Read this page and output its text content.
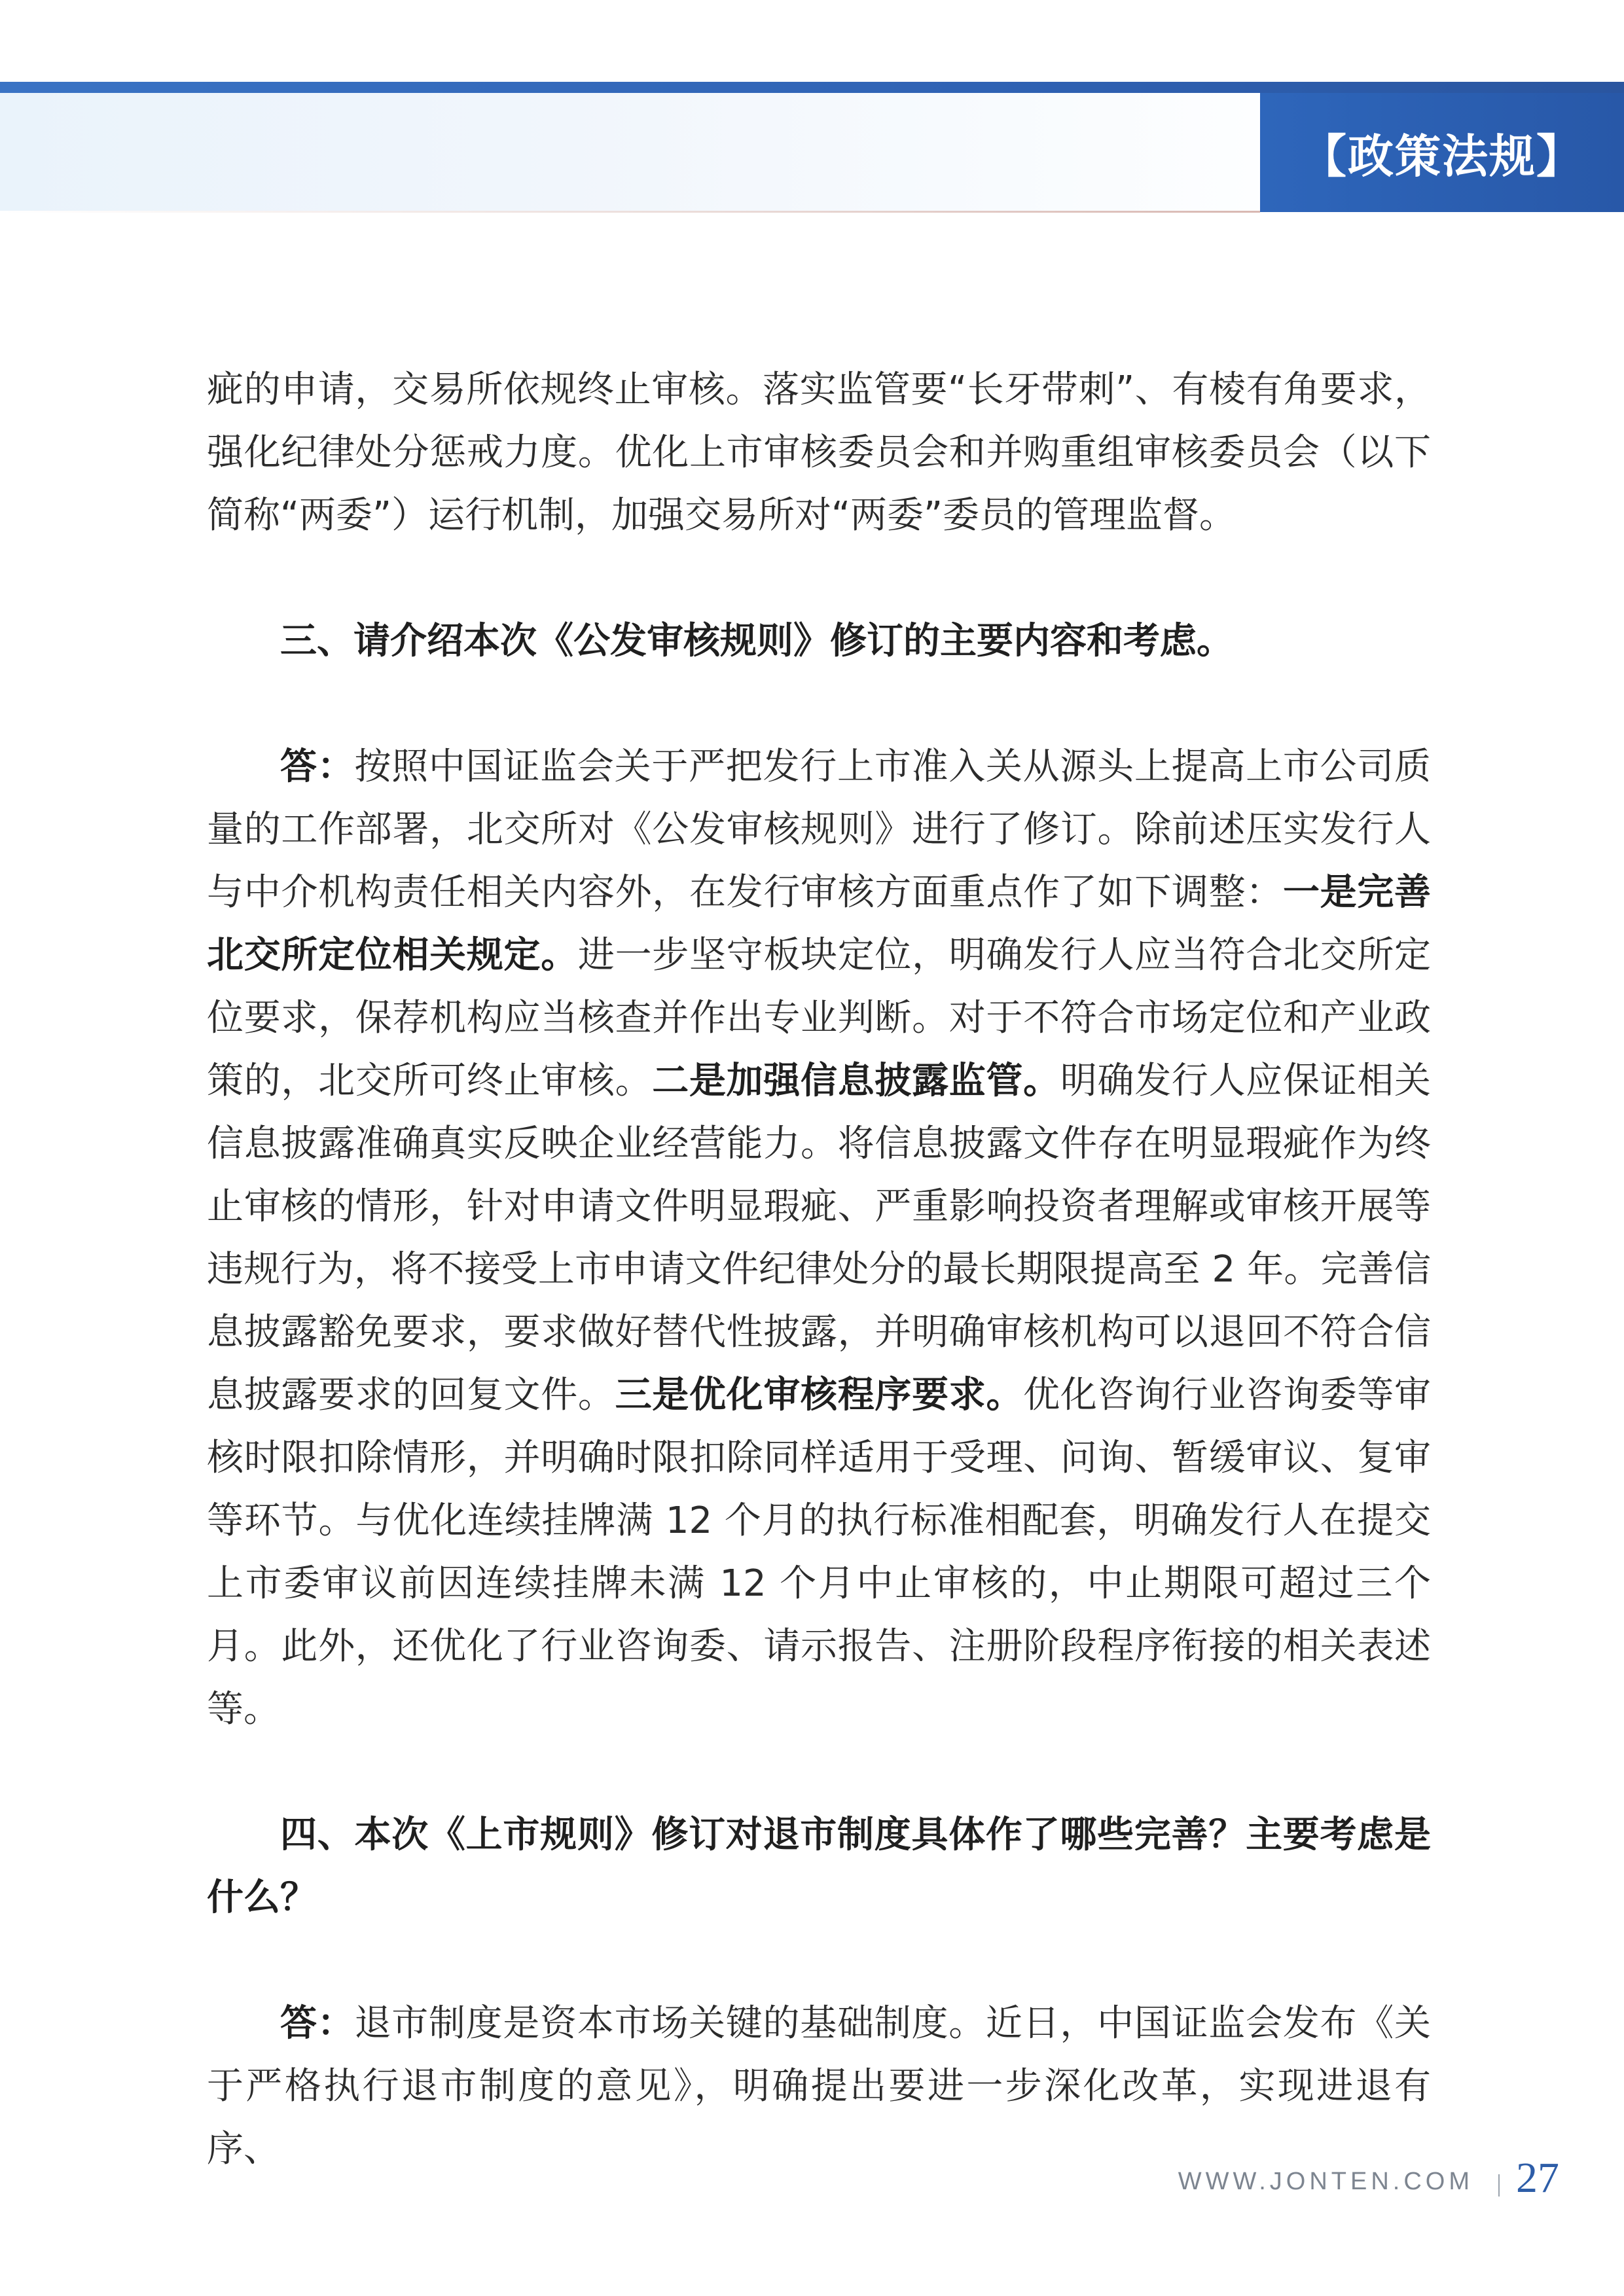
【政策法规】

疵的申请，交易所依规终止审核。落实监管要“长牙带刺”、有棱有角要求，强化纪律处分惩戒力度。优化上市审核委员会和并购重组审核委员会（以下简称“两委”）运行机制，加强交易所对“两委”委员的管理监督。

三、请介绍本次《公发审核规则》修订的主要内容和考虑。

答：按照中国证监会关于严把发行上市准入关从源头上提高上市公司质量的工作部署，北交所对《公发审核规则》进行了修订。除前述压实发行人与中介机构责任相关内容外，在发行审核方面重点作了如下调整：一是完善北交所定位相关规定。进一步坚守板块定位，明确发行人应当符合北交所定位要求，保荐机构应当核查并作出专业判断。对于不符合市场定位和产业政策的，北交所可终止审核。二是加强信息披露监管。明确发行人应保证相关信息披露准确真实反映企业经营能力。将信息披露文件存在明显瑕疵作为终止审核的情形，针对申请文件明显瑕疵、严重影响投资者理解或审核开展等违规行为，将不接受上市申请文件纪律处分的最长期限提高至 2 年。完善信息披露豁免要求，要求做好替代性披露，并明确审核机构可以退回不符合信息披露要求的回复文件。三是优化审核程序要求。优化咨询行业咨询委等审核时限扣除情形，并明确时限扣除同样适用于受理、问询、暂缓审议、复审等环节。与优化连续挂牌满 12 个月的执行标准相配套，明确发行人在提交上市委审议前因连续挂牌未满 12 个月中止审核的，中止期限可超过三个月。此外，还优化了行业咨询委、请示报告、注册阶段程序衔接的相关表述等。

四、本次《上市规则》修订对退市制度具体作了哪些完善？主要考虑是什么？

答：退市制度是资本市场关键的基础制度。近日，中国证监会发布《关于严格执行退市制度的意见》，明确提出要进一步深化改革，实现进退有序、

WWW.JONTEN.COM 27
